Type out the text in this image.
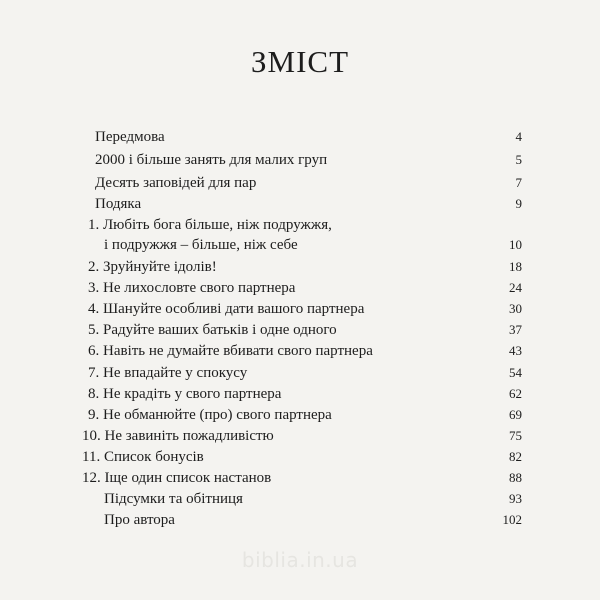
ЗМІСТ
Передмова	4
2000 і більше занять для малих груп	5
Десять заповідей для пар	7
Подяка	9
1. Любіть бога більше, ніж подружжя,
і подружжя – більше, ніж себе	10
2. Зруйнуйте ідолів!	18
3. Не лихословте свого партнера	24
4. Шануйте особливі дати вашого партнера	30
5. Радуйте ваших батьків і одне одного	37
6. Навіть не думайте вбивати свого партнера	43
7. Не впадайте у спокусу	54
8. Не крадіть у свого партнера	62
9. Не обманюйте (про) свого партнера	69
10. Не завиніть пожадливістю	75
11. Список бонусів	82
12. Іще один список настанов	88
Підсумки та обітниця	93
Про автора	102
biblia.in.ua
